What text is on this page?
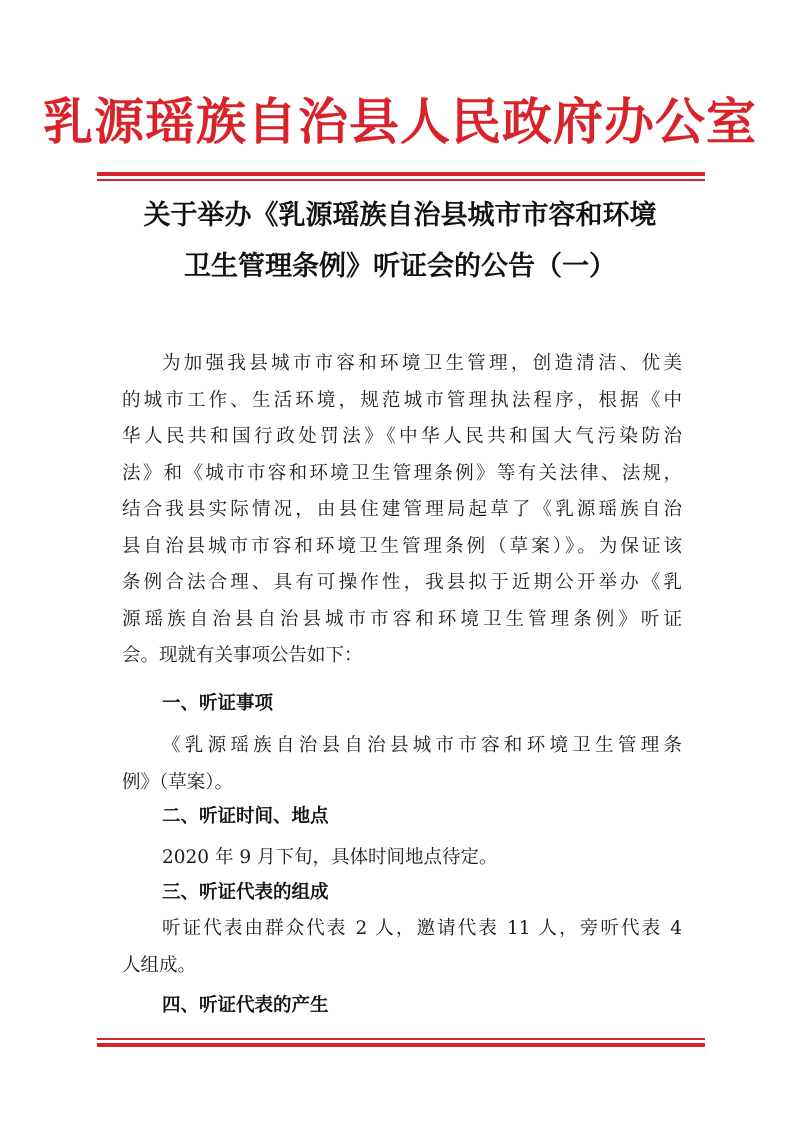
乳源瑶族自治县人民政府办公室
关于举办《乳源瑶族自治县城市市容和环境
卫生管理条例》听证会的公告（一）
为加强我县城市市容和环境卫生管理，创造清洁、优美
的城市工作、生活环境，规范城市管理执法程序，根据《中
华人民共和国行政处罚法》《中华人民共和国大气污染防治
法》和《城市市容和环境卫生管理条例》等有关法律、法规，
结合我县实际情况，由县住建管理局起草了《乳源瑶族自治
县自治县城市市容和环境卫生管理条例（草案）》。为保证该
条例合法合理、具有可操作性，我县拟于近期公开举办《乳
源瑶族自治县自治县城市市容和环境卫生管理条例》听证
会。现就有关事项公告如下：
一、听证事项
《乳源瑶族自治县自治县城市市容和环境卫生管理条
例》（草案）。
二、听证时间、地点
2020 年 9 月下旬，具体时间地点待定。
三、听证代表的组成
听证代表由群众代表 2 人，邀请代表 11 人，旁听代表 4
人组成。
四、听证代表的产生
